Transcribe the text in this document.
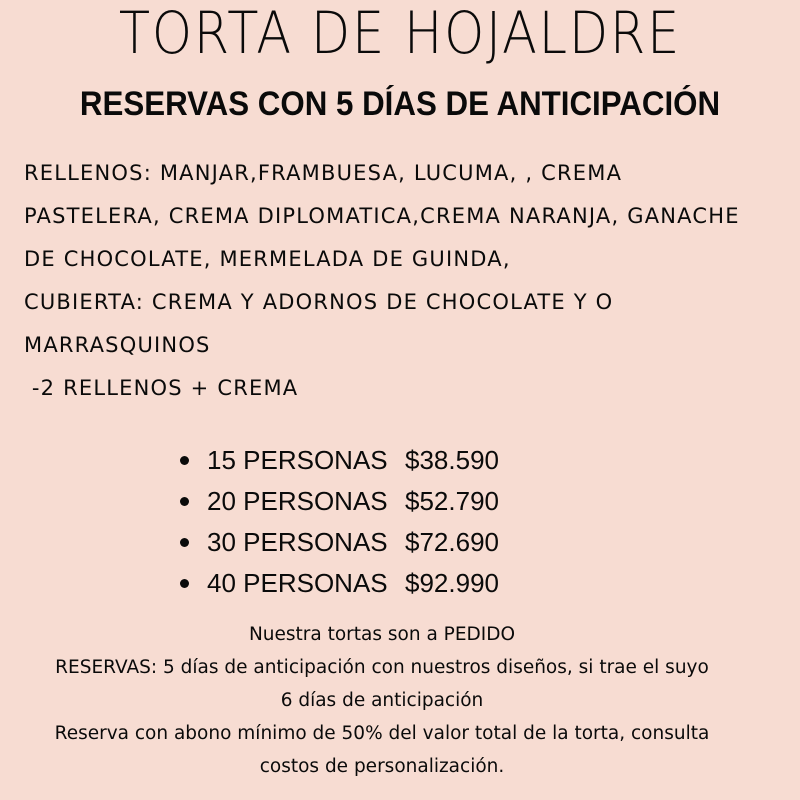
TORTA DE HOJALDRE
RESERVAS CON 5 DÍAS DE ANTICIPACIÓN
RELLENOS: MANJAR,FRAMBUESA, LUCUMA, , CREMA
PASTELERA, CREMA DIPLOMATICA,CREMA NARANJA, GANACHE
DE CHOCOLATE, MERMELADA DE GUINDA,
CUBIERTA: CREMA Y ADORNOS DE CHOCOLATE Y O
MARRASQUINOS
-2 RELLENOS + CREMA
15 PERSONAS $38.590
20 PERSONAS $52.790
30 PERSONAS $72.690
40 PERSONAS $92.990
Nuestra tortas son a PEDIDO
RESERVAS: 5 días de anticipación con nuestros diseños, si trae el suyo
6 días de anticipación
Reserva con abono mínimo de 50% del valor total de la torta, consulta
costos de personalización.
